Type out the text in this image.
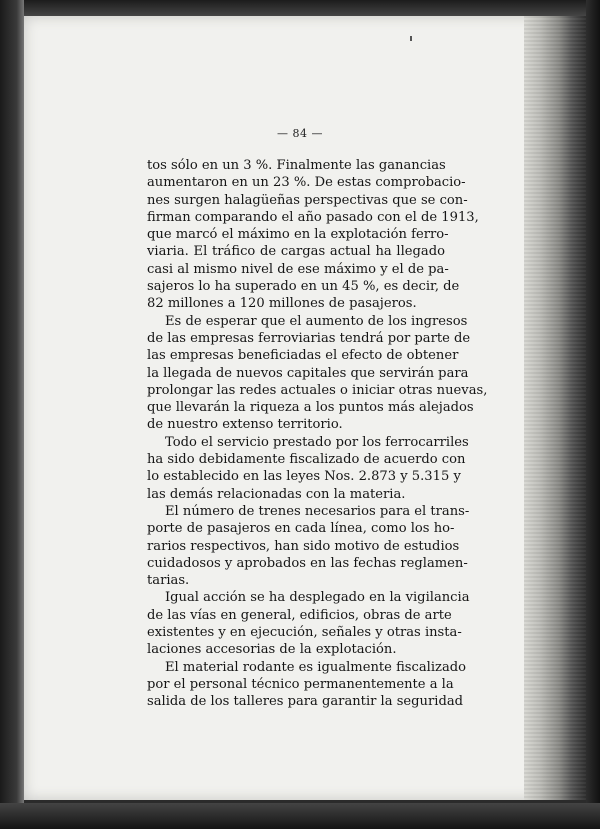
— 84 —
tos sólo en un 3 %. Finalmente las ganancias
aumentaron en un 23 %. De estas comprobacio-
nes surgen halagüeñas perspectivas que se con-
firman comparando el año pasado con el de 1913,
que marcó el máximo en la explotación ferro-
viaria. El tráfico de cargas actual ha llegado
casi al mismo nivel de ese máximo y el de pa-
sajeros lo ha superado en un 45 %, es decir, de
82 millones a 120 millones de pasajeros.
Es de esperar que el aumento de los ingresos
de las empresas ferroviarias tendrá por parte de
las empresas beneficiadas el efecto de obtener
la llegada de nuevos capitales que servirán para
prolongar las redes actuales o iniciar otras nuevas,
que llevarán la riqueza a los puntos más alejados
de nuestro extenso territorio.
Todo el servicio prestado por los ferrocarriles
ha sido debidamente fiscalizado de acuerdo con
lo establecido en las leyes Nos. 2.873 y 5.315 y
las demás relacionadas con la materia.
El número de trenes necesarios para el trans-
porte de pasajeros en cada línea, como los ho-
rarios respectivos, han sido motivo de estudios
cuidadosos y aprobados en las fechas reglamen-
tarias.
Igual acción se ha desplegado en la vigilancia
de las vías en general, edificios, obras de arte
existentes y en ejecución, señales y otras insta-
laciones accesorias de la explotación.
El material rodante es igualmente fiscalizado
por el personal técnico permanentemente a la
salida de los talleres para garantir la seguridad
